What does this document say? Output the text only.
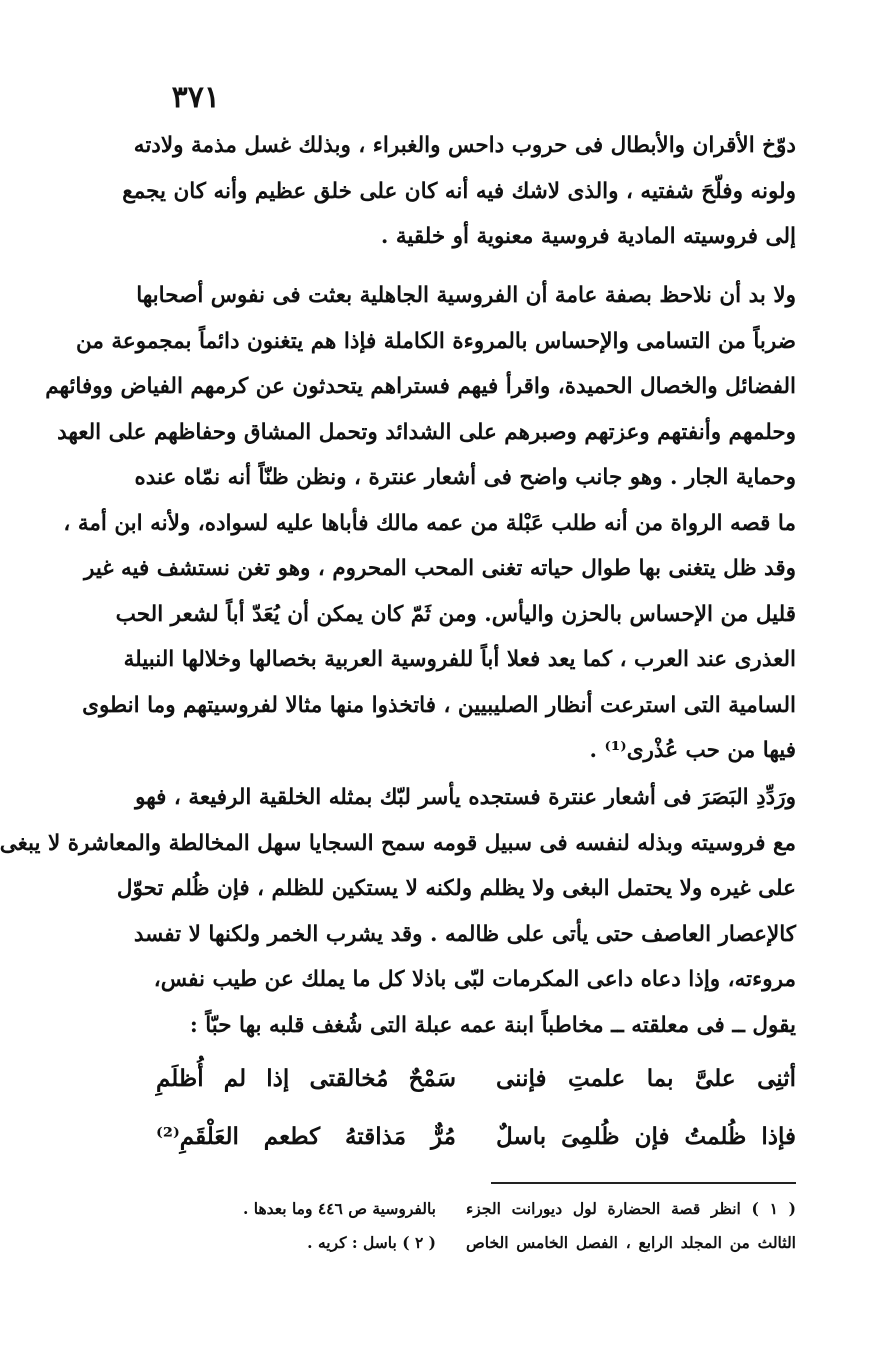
٣٧١
دوّخ الأقران والأبطال فى حروب داحس والغبراء ، وبذلك غسل مذمة ولادته
ولونه وفلّحَ شفتيه ، والذى لاشك فيه أنه كان على خلق عظيم وأنه كان يجمع
إلى فروسيته المادية فروسية معنوية أو خلقية .
ولا بد أن نلاحظ بصفة عامة أن الفروسية الجاهلية بعثت فى نفوس أصحابها
ضرباً من التسامى والإحساس بالمروءة الكاملة فإذا هم يتغنون دائماً بمجموعة من
الفضائل والخصال الحميدة، واقرأ فيهم فستراهم يتحدثون عن كرمهم الفياض ووفائهم
وحلمهم وأنفتهم وعزتهم وصبرهم على الشدائد وتحمل المشاق وحفاظهم على العهد
وحماية الجار . وهو جانب واضح فى أشعار عنترة ، ونظن ظنّاً أنه نمّاه عنده
ما قصه الرواة من أنه طلب عَبْلة من عمه مالك فأباها عليه لسواده، ولأنه ابن أمة ،
وقد ظل يتغنى بها طوال حياته تغنى المحب المحروم ، وهو تغن نستشف فيه غير
قليل من الإحساس بالحزن واليأس. ومن ثَمّ كان يمكن أن يُعَدّ أباً لشعر الحب
العذرى عند العرب ، كما يعد فعلا أباً للفروسية العربية بخصالها وخلالها النبيلة
السامية التى استرعت أنظار الصليبيين ، فاتخذوا منها مثالا لفروسيتهم وما انطوى
فيها من حب عُذْرى⁽¹⁾ .
ورَدِّدِ البَصَرَ فى أشعار عنترة فستجده يأسر لبّك بمثله الخلقية الرفيعة ، فهو
مع فروسيته وبذله لنفسه فى سبيل قومه سمح السجايا سهل المخالطة والمعاشرة لا يبغى
على غيره ولا يحتمل البغى ولا يظلم ولكنه لا يستكين للظلم ، فإن ظُلم تحوّل
كالإعصار العاصف حتى يأتى على ظالمه . وقد يشرب الخمر ولكنها لا تفسد
مروءته، وإذا دعاه داعى المكرمات لبّى باذلا كل ما يملك عن طيب نفس،
يقول ــ فى معلقته ــ مخاطباً ابنة عمه عبلة التى شُغف قلبه بها حبّاً :
أثنِى علىَّ بما علمتِ فإننى
سَمْحٌ مُخالقتى إذا لم أُظلَمِ
فإذا ظُلمتُ فإن ظُلمِىَ باسلٌ
مُرٌّ مَذاقتهُ كطعم العَلْقَمِ⁽²⁾
( ١ ) انظر قصة الحضارة لول ديورانت الجزء
بالفروسية ص ٤٤٦ وما بعدها .
الثالث من المجلد الرابع ، الفصل الخامس الخاص
( ٢ ) باسل : كريه .
